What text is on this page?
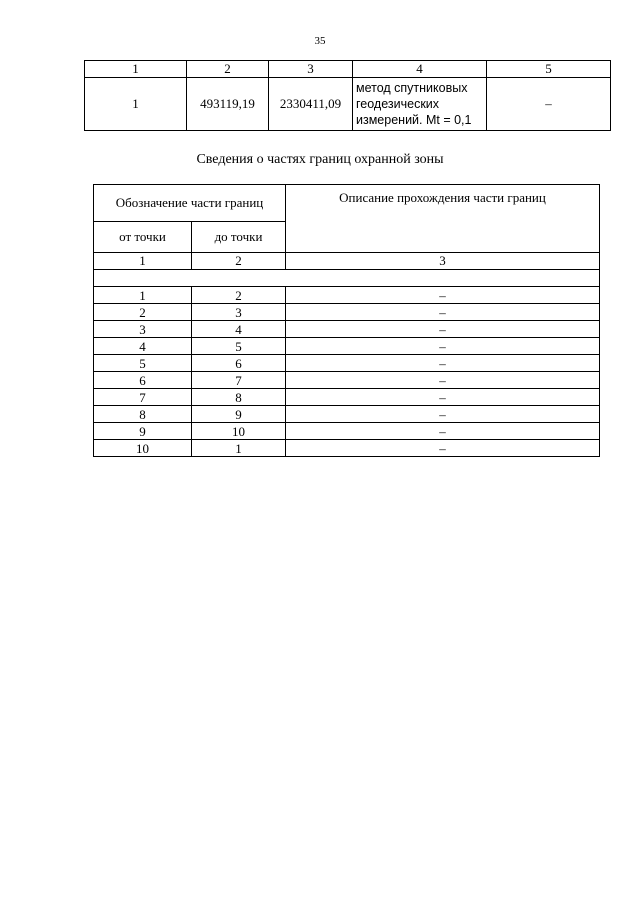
35
1	2	3	4	5
1	493119,19	2330411,09	метод спутниковых геодезических измерений. Mt = 0,1	–
Сведения о частях границ охранной зоны
Обозначение части границ		Описание прохождения части границ
от точки	до точки	
1	2	3

1	2	–
2	3	–
3	4	–
4	5	–
5	6	–
6	7	–
7	8	–
8	9	–
9	10	–
10	1	–
